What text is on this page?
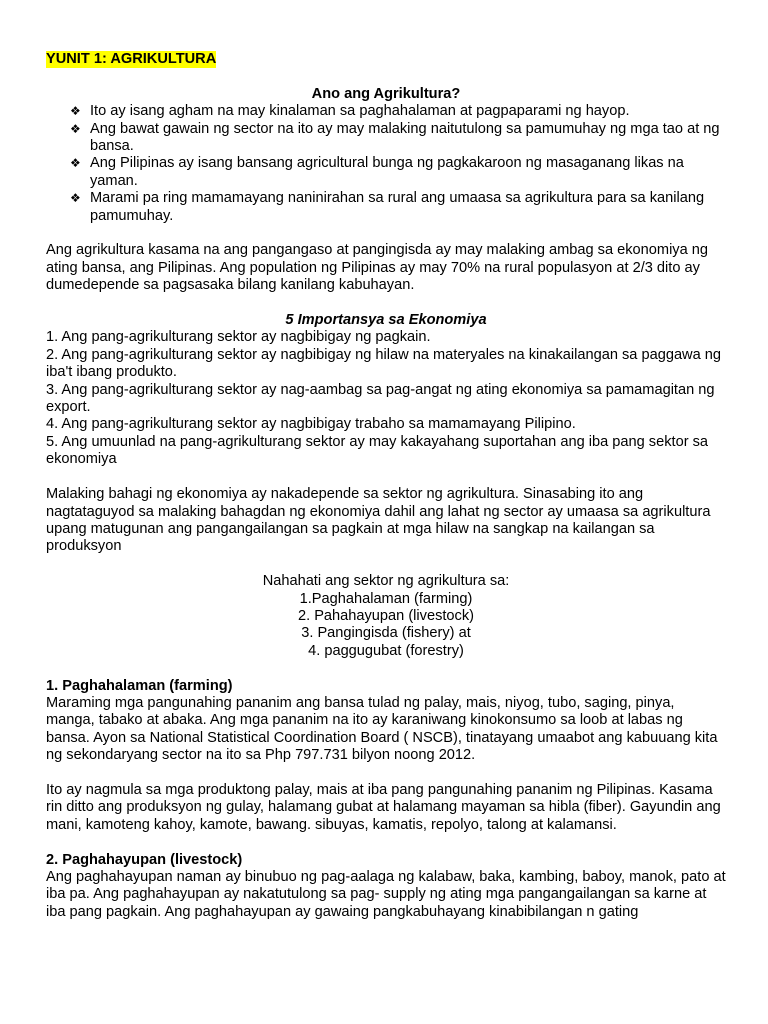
YUNIT 1: AGRIKULTURA

Ano ang Agrikultura?

❖ Ito ay isang agham na may kinalaman sa paghahalaman at pagpaparami ng hayop.
❖ Ang bawat gawain ng sector na ito ay may malaking naitutulong sa pamumuhay ng mga tao at ng bansa.
❖ Ang Pilipinas ay isang bansang agricultural bunga ng pagkakaroon ng masaganang likas na yaman.
❖ Marami pa ring mamamayang naninirahan sa rural ang umaasa sa agrikultura para sa kanilang pamumuhay.

Ang agrikultura kasama na ang pangangaso at pangingisda ay may malaking ambag sa ekonomiya ng ating bansa, ang Pilipinas. Ang population ng Pilipinas ay may 70% na rural populasyon at 2/3 dito ay dumedepende sa pagsasaka bilang kanilang kabuhayan.

5 Importansya sa Ekonomiya

1. Ang pang-agrikulturang sektor ay nagbibigay ng pagkain.

2. Ang pang-agrikulturang sektor ay nagbibigay ng hilaw na materyales na kinakailangan sa paggawa ng iba't ibang produkto.

3. Ang pang-agrikulturang sektor ay nag-aambag sa pag-angat ng ating ekonomiya sa pamamagitan ng export.

4. Ang pang-agrikulturang sektor ay nagbibigay trabaho sa mamamayang Pilipino.

5. Ang umuunlad na pang-agrikulturang sektor ay may kakayahang suportahan ang iba pang sektor sa ekonomiya

Malaking bahagi ng ekonomiya ay nakadepende sa sektor ng agrikultura. Sinasabing ito ang nagtataguyod sa malaking bahagdan ng ekonomiya dahil ang lahat ng sector ay umaasa sa agrikultura upang matugunan ang pangangailangan sa pagkain at mga hilaw na sangkap na kailangan sa produksyon

Nahahati ang sektor ng agrikultura sa:

1.Paghahalaman (farming)

2. Pahahayupan (livestock)

3. Pangingisda (fishery) at

4. paggugubat (forestry)

1. Paghahalaman (farming)

Maraming mga pangunahing pananim ang bansa tulad ng palay, mais, niyog, tubo, saging, pinya, manga, tabako at abaka. Ang mga pananim na ito ay karaniwang kinokonsumo sa loob at labas ng bansa. Ayon sa National Statistical Coordination Board ( NSCB), tinatayang umaabot ang kabuuang kita ng sekondaryang sector na ito sa Php 797.731 bilyon noong 2012.

Ito ay nagmula sa mga produktong palay, mais at iba pang pangunahing pananim ng Pilipinas. Kasama rin ditto ang produksyon ng gulay, halamang gubat at halamang mayaman sa hibla (fiber). Gayundin ang mani, kamoteng kahoy, kamote, bawang. sibuyas, kamatis, repolyo, talong at kalamansi.

2. Paghahayupan (livestock)

Ang paghahayupan naman ay binubuo ng pag-aalaga ng kalabaw, baka, kambing, baboy, manok, pato at iba pa. Ang paghahayupan ay nakatutulong sa pag- supply ng ating mga pangangailangan sa karne at iba pang pagkain. Ang paghahayupan ay gawaing pangkabuhayang kinabibilangan n gating
